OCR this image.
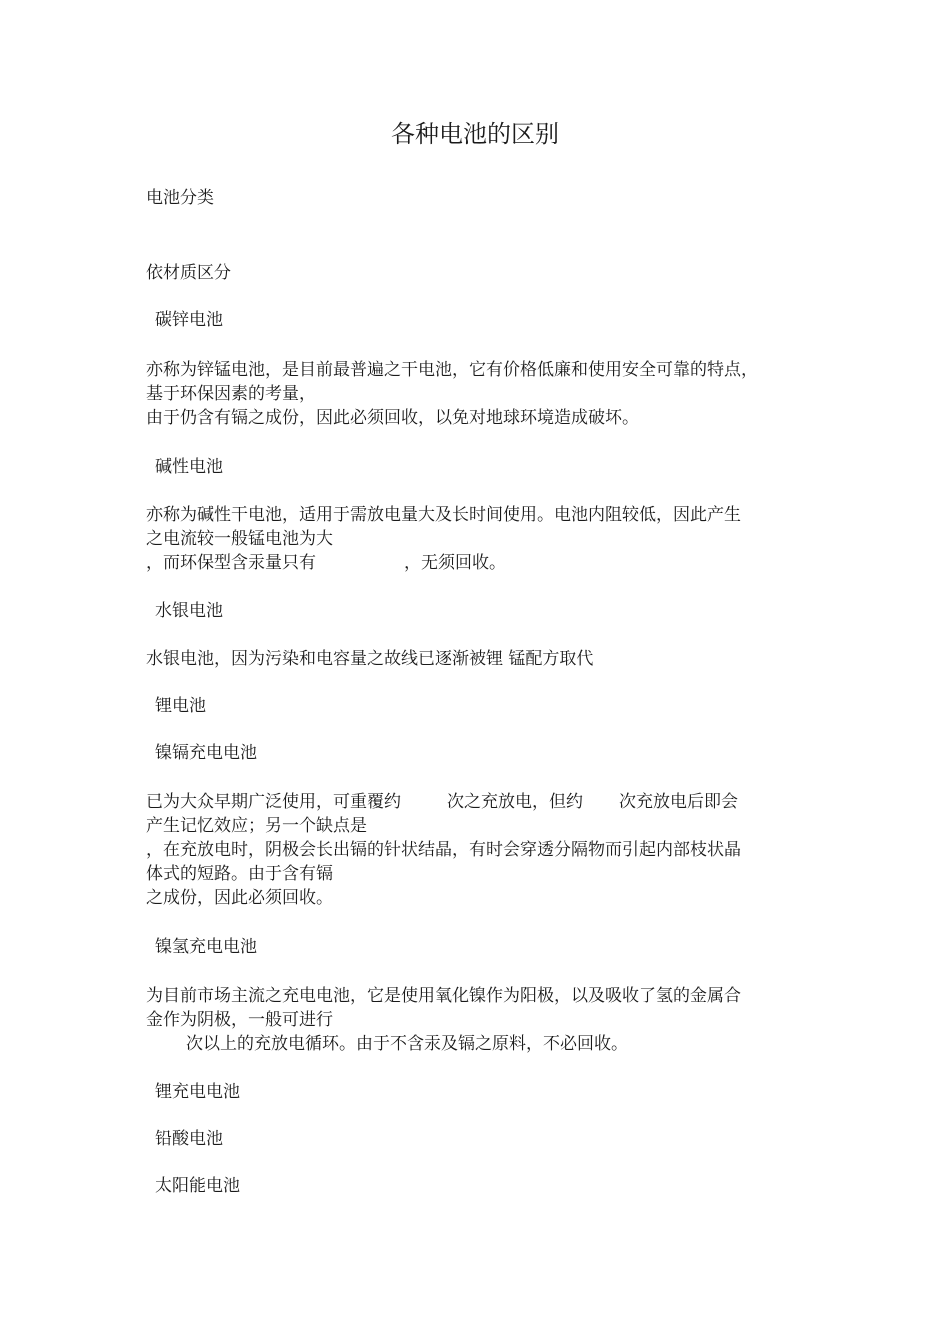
各种电池的区别
电池分类
依材质区分
碳锌电池
亦称为锌锰电池，是目前最普遍之干电池，它有价格低廉和使用安全可靠的特点，
基于环保因素的考量，
由于仍含有镉之成份，因此必须回收，以免对地球环境造成破坏。
碱性电池
亦称为碱性干电池，适用于需放电量大及长时间使用。电池内阻较低，因此产生
之电流较一般锰电池为大
，而环保型含汞量只有	，无须回收。
水银电池
水银电池，因为污染和电容量之故线已逐渐被锂 锰配方取代
锂电池
镍镉充电电池
已为大众早期广泛使用，可重覆约	次之充放电，但约 次充放电后即会
产生记忆效应；另一个缺点是
，在充放电时，阴极会长出镉的针状结晶，有时会穿透分隔物而引起内部枝状晶
体式的短路。由于含有镉
之成份，因此必须回收。
镍氢充电电池
为目前市场主流之充电电池，它是使用氧化镍作为阳极，以及吸收了氢的金属合
金作为阴极，一般可进行
次以上的充放电循环。由于不含汞及镉之原料，不必回收。
锂充电电池
铅酸电池
太阳能电池
